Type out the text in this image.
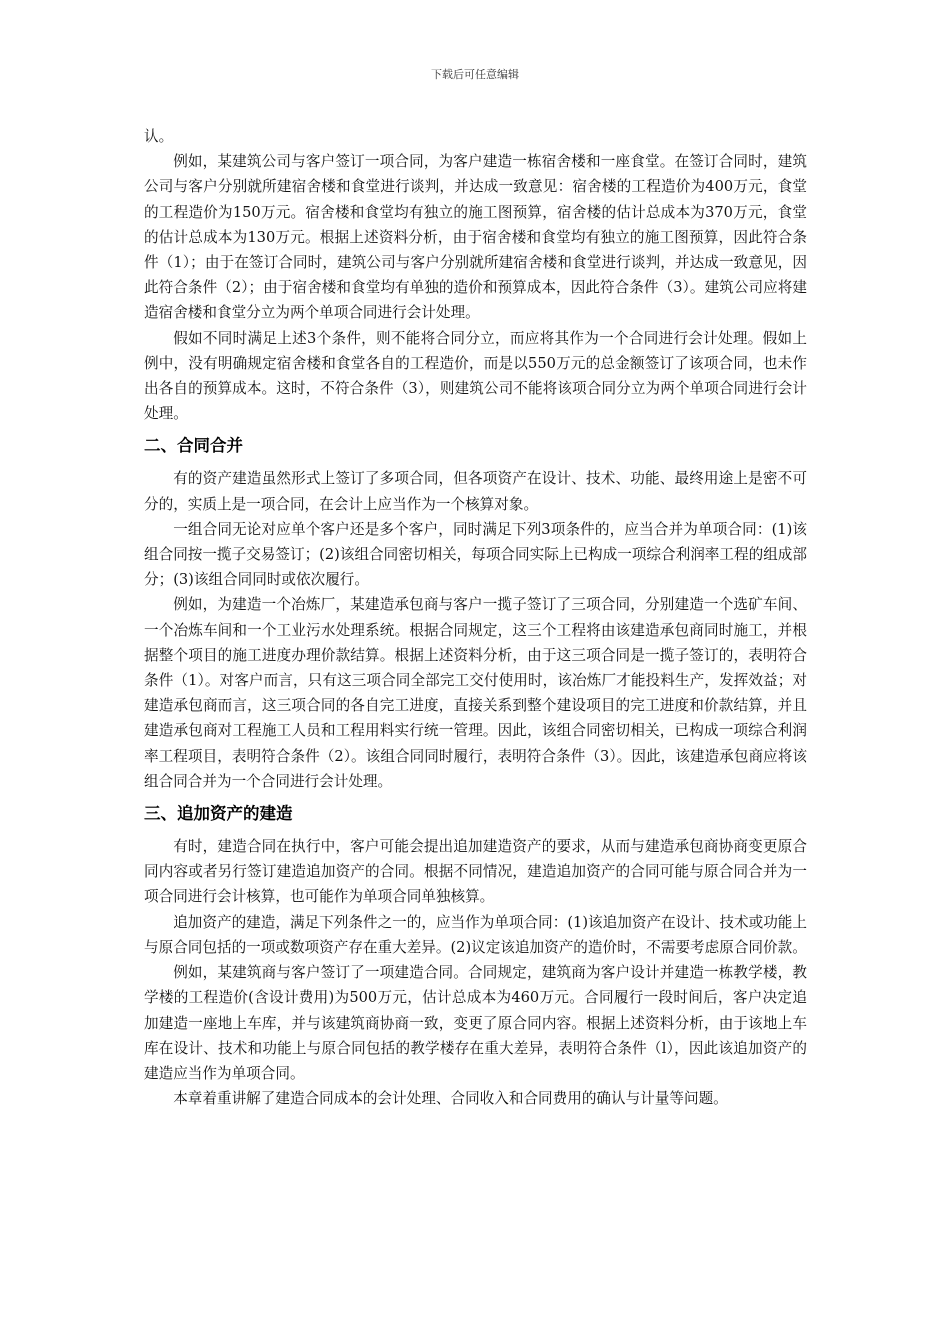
下载后可任意编辑

认。

例如，某建筑公司与客户签订一项合同，为客户建造一栋宿舍楼和一座食堂。在签订合同时，建筑公司与客户分别就所建宿舍楼和食堂进行谈判，并达成一致意见：宿舍楼的工程造价为400万元，食堂的工程造价为150万元。宿舍楼和食堂均有独立的施工图预算，宿舍楼的估计总成本为370万元，食堂的估计总成本为130万元。根据上述资料分析，由于宿舍楼和食堂均有独立的施工图预算，因此符合条件（1）；由于在签订合同时，建筑公司与客户分别就所建宿舍楼和食堂进行谈判，并达成一致意见，因此符合条件（2）；由于宿舍楼和食堂均有单独的造价和预算成本，因此符合条件（3）。建筑公司应将建造宿舍楼和食堂分立为两个单项合同进行会计处理。

假如不同时满足上述3个条件，则不能将合同分立，而应将其作为一个合同进行会计处理。假如上例中，没有明确规定宿舍楼和食堂各自的工程造价，而是以550万元的总金额签订了该项合同，也未作出各自的预算成本。这时，不符合条件（3），则建筑公司不能将该项合同分立为两个单项合同进行会计处理。

二、合同合并

有的资产建造虽然形式上签订了多项合同，但各项资产在设计、技术、功能、最终用途上是密不可分的，实质上是一项合同，在会计上应当作为一个核算对象。

一组合同无论对应单个客户还是多个客户，同时满足下列3项条件的，应当合并为单项合同：(1)该组合同按一揽子交易签订；(2)该组合同密切相关，每项合同实际上已构成一项综合利润率工程的组成部分；(3)该组合同同时或依次履行。

例如，为建造一个冶炼厂，某建造承包商与客户一揽子签订了三项合同，分别建造一个选矿车间、一个冶炼车间和一个工业污水处理系统。根据合同规定，这三个工程将由该建造承包商同时施工，并根据整个项目的施工进度办理价款结算。根据上述资料分析，由于这三项合同是一揽子签订的，表明符合条件（1）。对客户而言，只有这三项合同全部完工交付使用时，该冶炼厂才能投料生产，发挥效益；对建造承包商而言，这三项合同的各自完工进度，直接关系到整个建设项目的完工进度和价款结算，并且建造承包商对工程施工人员和工程用料实行统一管理。因此，该组合同密切相关，已构成一项综合利润率工程项目，表明符合条件（2）。该组合同同时履行，表明符合条件（3）。因此，该建造承包商应将该组合同合并为一个合同进行会计处理。

三、追加资产的建造

有时，建造合同在执行中，客户可能会提出追加建造资产的要求，从而与建造承包商协商变更原合同内容或者另行签订建造追加资产的合同。根据不同情况，建造追加资产的合同可能与原合同合并为一项合同进行会计核算，也可能作为单项合同单独核算。

追加资产的建造，满足下列条件之一的，应当作为单项合同：(1)该追加资产在设计、技术或功能上与原合同包括的一项或数项资产存在重大差异。(2)议定该追加资产的造价时，不需要考虑原合同价款。

例如，某建筑商与客户签订了一项建造合同。合同规定，建筑商为客户设计并建造一栋教学楼，教学楼的工程造价(含设计费用)为500万元，估计总成本为460万元。合同履行一段时间后，客户决定追加建造一座地上车库，并与该建筑商协商一致，变更了原合同内容。根据上述资料分析，由于该地上车库在设计、技术和功能上与原合同包括的教学楼存在重大差异，表明符合条件（l），因此该追加资产的建造应当作为单项合同。

本章着重讲解了建造合同成本的会计处理、合同收入和合同费用的确认与计量等问题。
